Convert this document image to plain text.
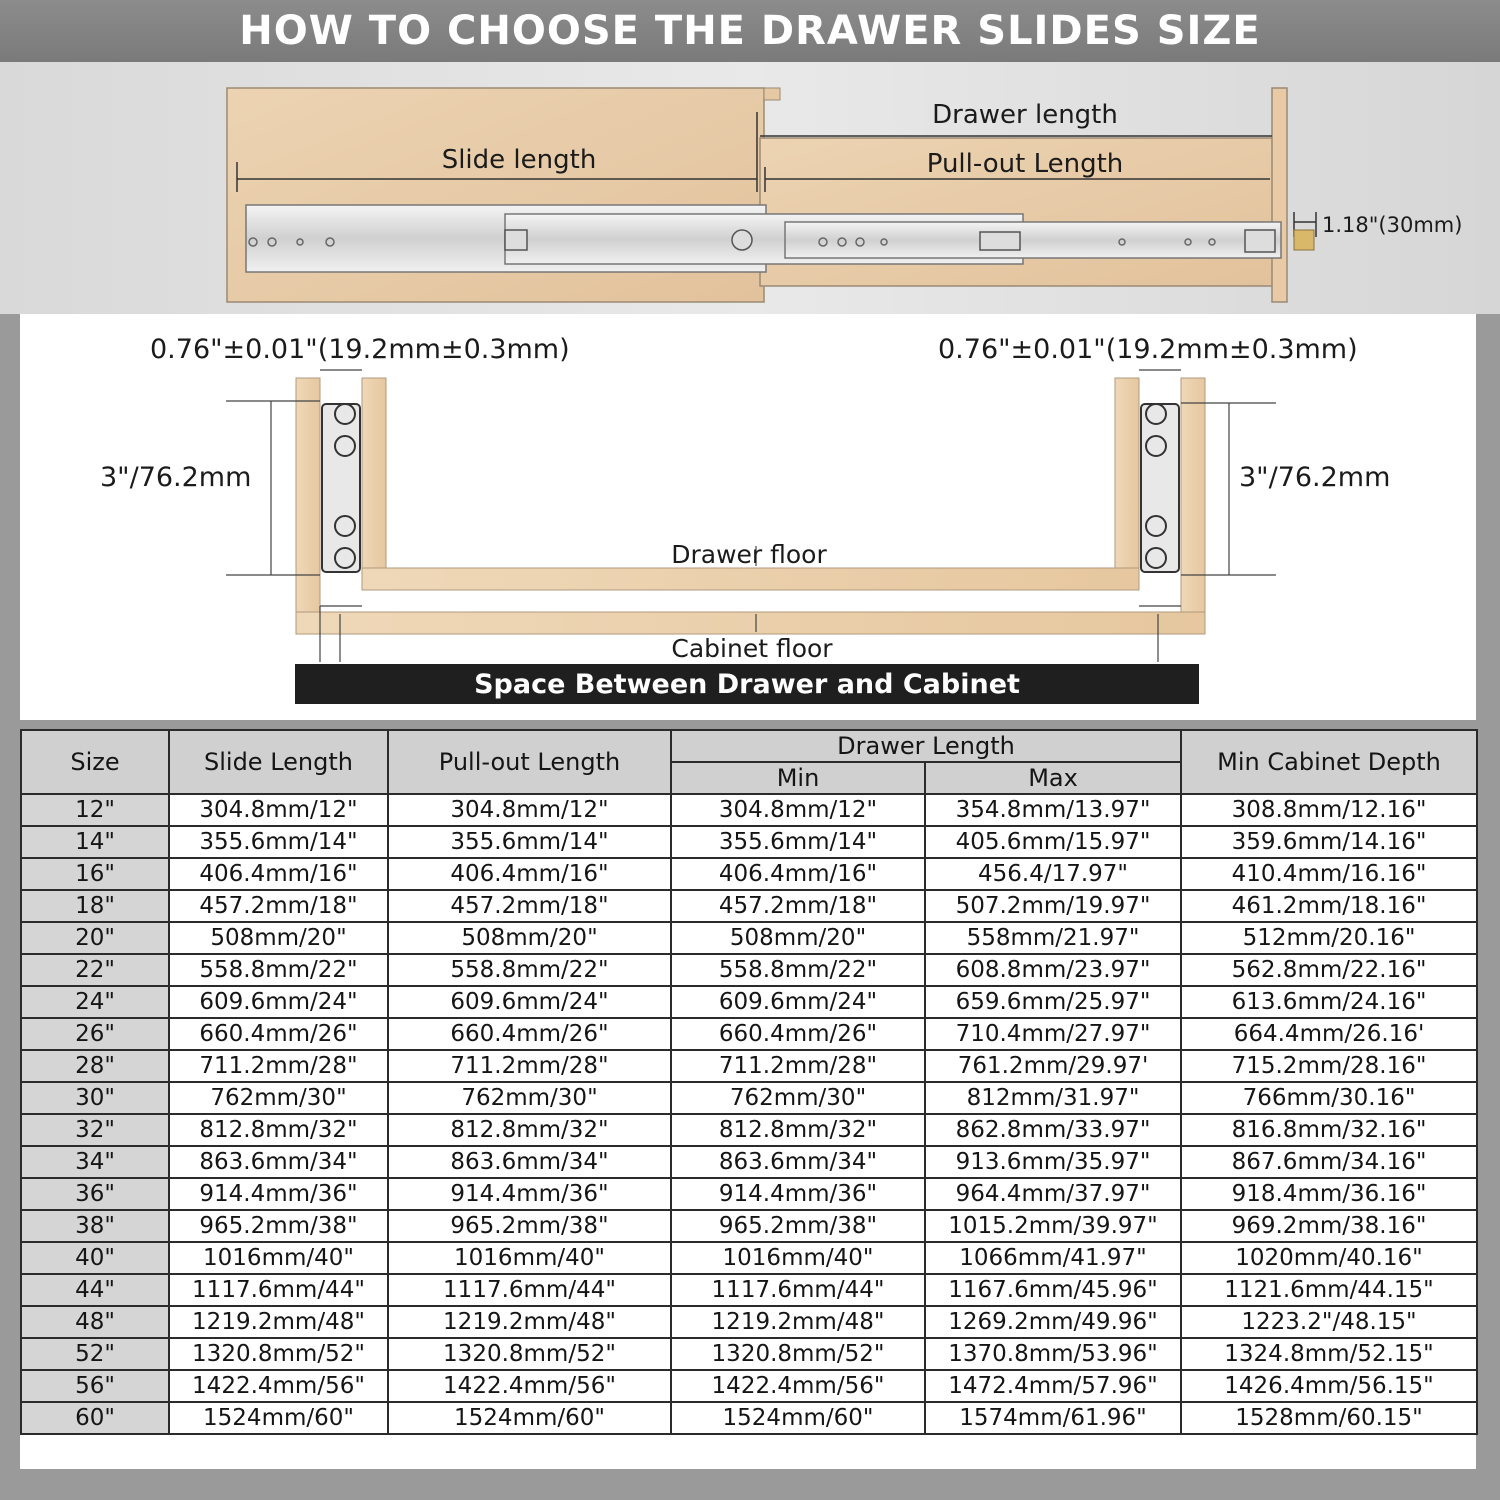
HOW TO CHOOSE THE DRAWER SLIDES SIZE
Drawer length
Slide length	Pull-out Length
1.18"(30mm)
0.76"±0.01"(19.2mm±0.3mm)	0.76"±0.01"(19.2mm±0.3mm)
3"/76.2mm	3"/76.2mm
Drawer floor
Cabinet floor
Space Between Drawer and Cabinet
Size	Slide Length	Pull-out Length	Drawer Length		Min Cabinet Depth
			Min	Max	
12"	304.8mm/12"	304.8mm/12"	304.8mm/12"	354.8mm/13.97"	308.8mm/12.16"
14"	355.6mm/14"	355.6mm/14"	355.6mm/14"	405.6mm/15.97"	359.6mm/14.16"
16"	406.4mm/16"	406.4mm/16"	406.4mm/16"	456.4/17.97"	410.4mm/16.16"
18"	457.2mm/18"	457.2mm/18"	457.2mm/18"	507.2mm/19.97"	461.2mm/18.16"
20"	508mm/20"	508mm/20"	508mm/20"	558mm/21.97"	512mm/20.16"
22"	558.8mm/22"	558.8mm/22"	558.8mm/22"	608.8mm/23.97"	562.8mm/22.16"
24"	609.6mm/24"	609.6mm/24"	609.6mm/24"	659.6mm/25.97"	613.6mm/24.16"
26"	660.4mm/26"	660.4mm/26"	660.4mm/26"	710.4mm/27.97"	664.4mm/26.16'
28"	711.2mm/28"	711.2mm/28"	711.2mm/28"	761.2mm/29.97'	715.2mm/28.16"
30"	762mm/30"	762mm/30"	762mm/30"	812mm/31.97"	766mm/30.16"
32"	812.8mm/32"	812.8mm/32"	812.8mm/32"	862.8mm/33.97"	816.8mm/32.16"
34"	863.6mm/34"	863.6mm/34"	863.6mm/34"	913.6mm/35.97"	867.6mm/34.16"
36"	914.4mm/36"	914.4mm/36"	914.4mm/36"	964.4mm/37.97"	918.4mm/36.16"
38"	965.2mm/38"	965.2mm/38"	965.2mm/38"	1015.2mm/39.97"	969.2mm/38.16"
40"	1016mm/40"	1016mm/40"	1016mm/40"	1066mm/41.97"	1020mm/40.16"
44"	1117.6mm/44"	1117.6mm/44"	1117.6mm/44"	1167.6mm/45.96"	1121.6mm/44.15"
48"	1219.2mm/48"	1219.2mm/48"	1219.2mm/48"	1269.2mm/49.96"	1223.2"/48.15"
52"	1320.8mm/52"	1320.8mm/52"	1320.8mm/52"	1370.8mm/53.96"	1324.8mm/52.15"
56"	1422.4mm/56"	1422.4mm/56"	1422.4mm/56"	1472.4mm/57.96"	1426.4mm/56.15"
60"	1524mm/60"	1524mm/60"	1524mm/60"	1574mm/61.96"	1528mm/60.15"
